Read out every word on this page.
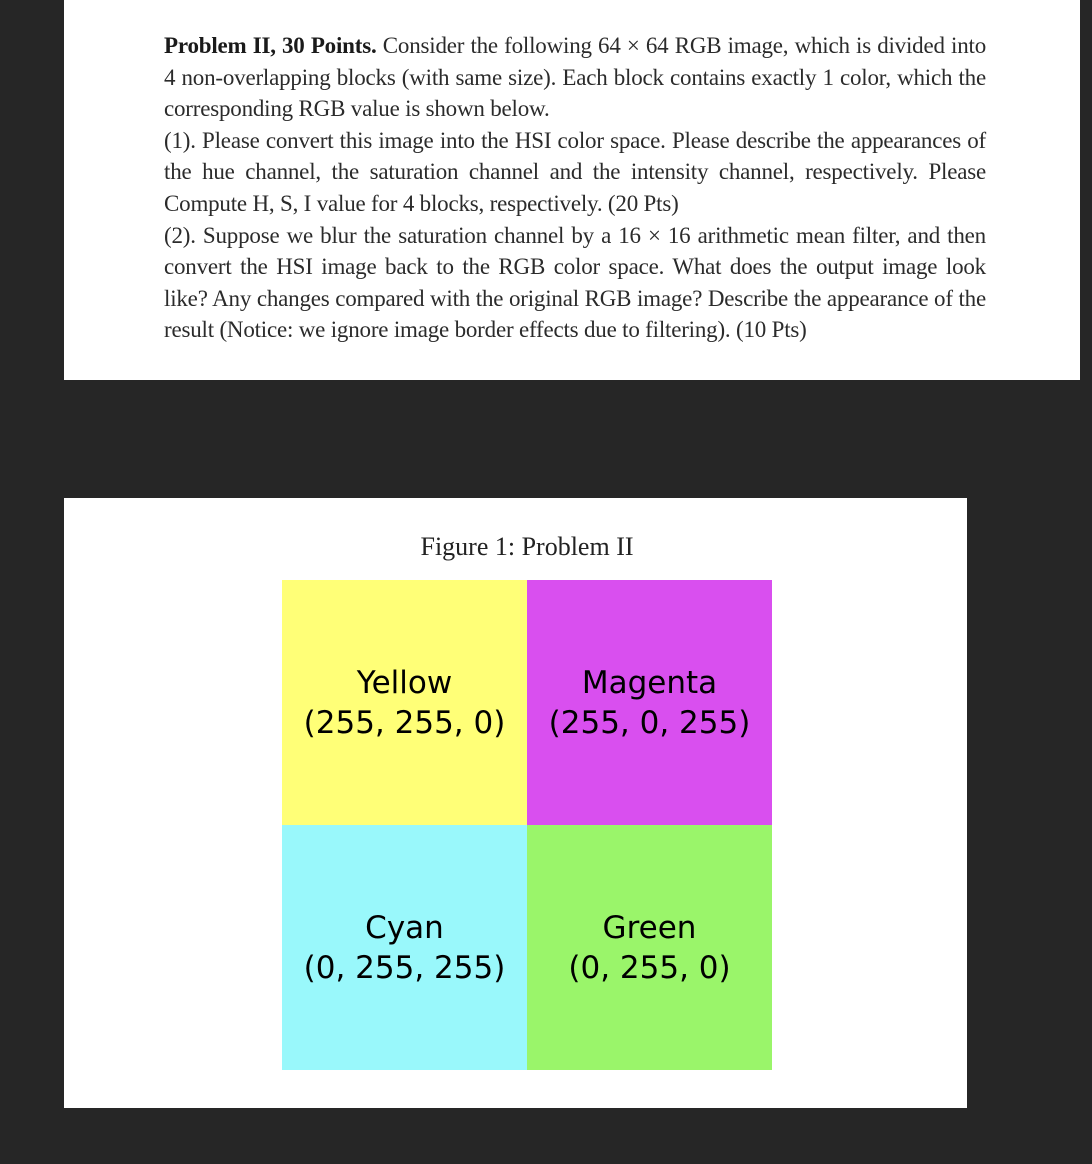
Problem II, 30 Points. Consider the following 64 × 64 RGB image, which is divided into 4 non-overlapping blocks (with same size). Each block contains exactly 1 color, which the corresponding RGB value is shown below.

(1). Please convert this image into the HSI color space. Please describe the appearances of the hue channel, the saturation channel and the intensity channel, respectively. Please Compute H, S, I value for 4 blocks, respectively. (20 Pts)

(2). Suppose we blur the saturation channel by a 16 × 16 arithmetic mean filter, and then convert the HSI image back to the RGB color space. What does the output image look like? Any changes compared with the original RGB image? Describe the appearance of the result (Notice: we ignore image border effects due to filtering). (10 Pts)

Figure 1: Problem II
Yellow
(255, 255, 0)
Magenta
(255, 0, 255)
Cyan
(0, 255, 255)
Green
(0, 255, 0)
